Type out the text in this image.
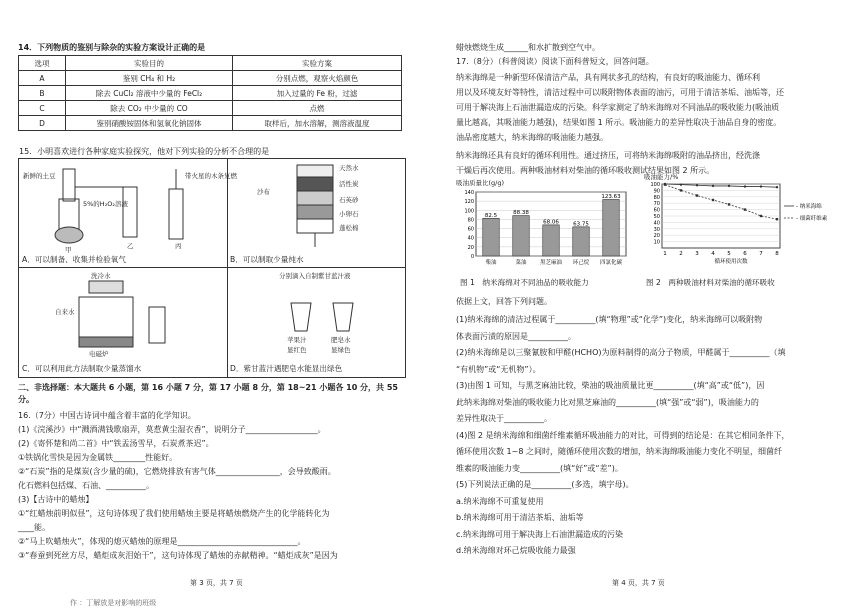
14．下列物质的鉴别与除杂的实验方案设计正确的是
选项	实验目的	实验方案
A	鉴别 CH₄ 和 H₂	分别点燃，观察火焰颜色
B	除去 CuCl₂ 溶液中少量的 FeCl₂	加入过量的 Fe 粉，过滤
C	除去 CO₂ 中少量的 CO	点燃
D	鉴别硝酸铵固体和氢氧化钠固体	取样后，加水溶解，测溶液温度
15．小明喜欢进行各种家庭实验探究，他对下列实验的分析不合理的是
新鲜的土豆
5%的H₂O₂溶液
带火星的木条复燃
甲	乙	丙
A．可以制备、收集并检验氧气
天然水
活性炭
沙布
石英砂
小卵石
蓬松棉
B．可以制取少量纯水
洗冷水
自来水
电磁炉
C．可以利用此方法制取少量蒸馏水
分别滴入自制紫甘蓝汁液
苹果汁	肥皂水
显红色	显绿色
D．紫甘蓝汁遇肥皂水能显出绿色
二、非选择题：本大题共 6 小题，第 16 小题 7 分，第 17 小题 8 分，第 18~21 小题各 10 分，共 55 分。
16.（7分）中国古诗词中蕴含着丰富的化学知识。
(1)《浣溪沙》中“溅酒满钱歌扇弄，莫惹黄尘湿衣香”，说明分子__________________。
(2)《寄怀楚和尚二首》中“铁盂汤雪早，石炭煮茶迟”。
①铁锅化雪快是因为金属铁________性能好。
②“石炭”指的是煤炭(含少量的硫)，它燃烧排放有害气体________________，会导致酸雨。
化石燃料包括煤、石油、__________。
(3)【古诗中的蜡烛】
①“红蜡烛前明似昼”，这句诗体现了我们使用蜡烛主要是将蜡烛燃烧产生的化学能转化为
____能。
②“马上吹蜡烛火”，体现的熄灭蜡烛的原理是______________________________。
③“春蚕到死丝方尽，蜡炬成灰泪始干”，这句诗体现了蜡烛的赤献精神。“蜡炬成灰”是因为
第 3 页，共 7 页
作 ：丁解放是对影响的班级
蜡烛燃烧生成______和水扩散到空气中。
17.（8分）（科普阅读）阅读下面科普短文，回答问题。
纳米海绵是一种新型环保清洁产品，具有网状多孔的结构，有良好的吸油能力、循环利
用以及环境友好等特性，清洁过程中可以吸附物体表面的油污，可用于清洁茶垢、油垢等，还
可用于解决海上石油泄漏造成的污染。科学家测定了纳米海绵对不同油品的吸收能力(吸油质
量比越高，其吸油能力越强)，结果如图 1 所示。吸油能力的差异性取决于油品自身的密度。
油品密度越大，纳米海绵的吸油能力越强。
纳米海绵还具有良好的循环利用性。通过挤压，可将纳米海绵吸附的油品挤出，经洗涤
干燥后再次使用。两种吸油材料对柴油的循环吸收测试结果如图 2 所示。
吸油质量比(g/g)
0
20
40
60
80
100
120
140
82.5
柴油
88.38
菜油
68.06
黑芝麻油
63.75
环己烷
123.63
四氯化碳
图 1　纳米海绵对不同油品的吸收能力
吸油能力/%
10
20
30
40
50
60
70
80
90
100
1 2 3 4 5 6 7 8
循环使用次数
- 纳米海绵
- 细菌纤维素
图 2　两种吸油材料对柴油的循环吸收
依据上文，回答下列问题。
(1)纳米海绵的清洁过程属于__________(填“物理”或“化学”)变化，纳米海绵可以吸附物
体表面污渍的原因是__________。
(2)纳米海绵是以三聚氰胺和甲醛(HCHO)为原料制得的高分子物质，甲醛属于__________（填
“有机物”或“无机物”）。
(3)由图 1 可知，与黑芝麻油比较，柴油的吸油质量比更__________(填“高”或“低”)，因
此纳米海绵对柴油的吸收能力比对黑芝麻油的__________(填“强”或“弱”)，吸油能力的
差异性取决于__________。
(4)图 2 是纳米海绵和细菌纤维素循环吸油能力的对比，可得到的结论是：在其它相同条件下，
循环使用次数 1~8 之间时，随循环使用次数的增加，纳米海绵吸油能力变化不明显，细菌纤
维素的吸油能力变__________(填“好”或“差”)。
(5)下列说法正确的是__________(多选，填字母)。
a.纳米海绵不可重复使用
b.纳米海绵可用于清洁茶垢、油垢等
c.纳米海绵可用于解决海上石油泄漏造成的污染
d.纳米海绵对环己烷吸收能力最强
第 4 页，共 7 页
